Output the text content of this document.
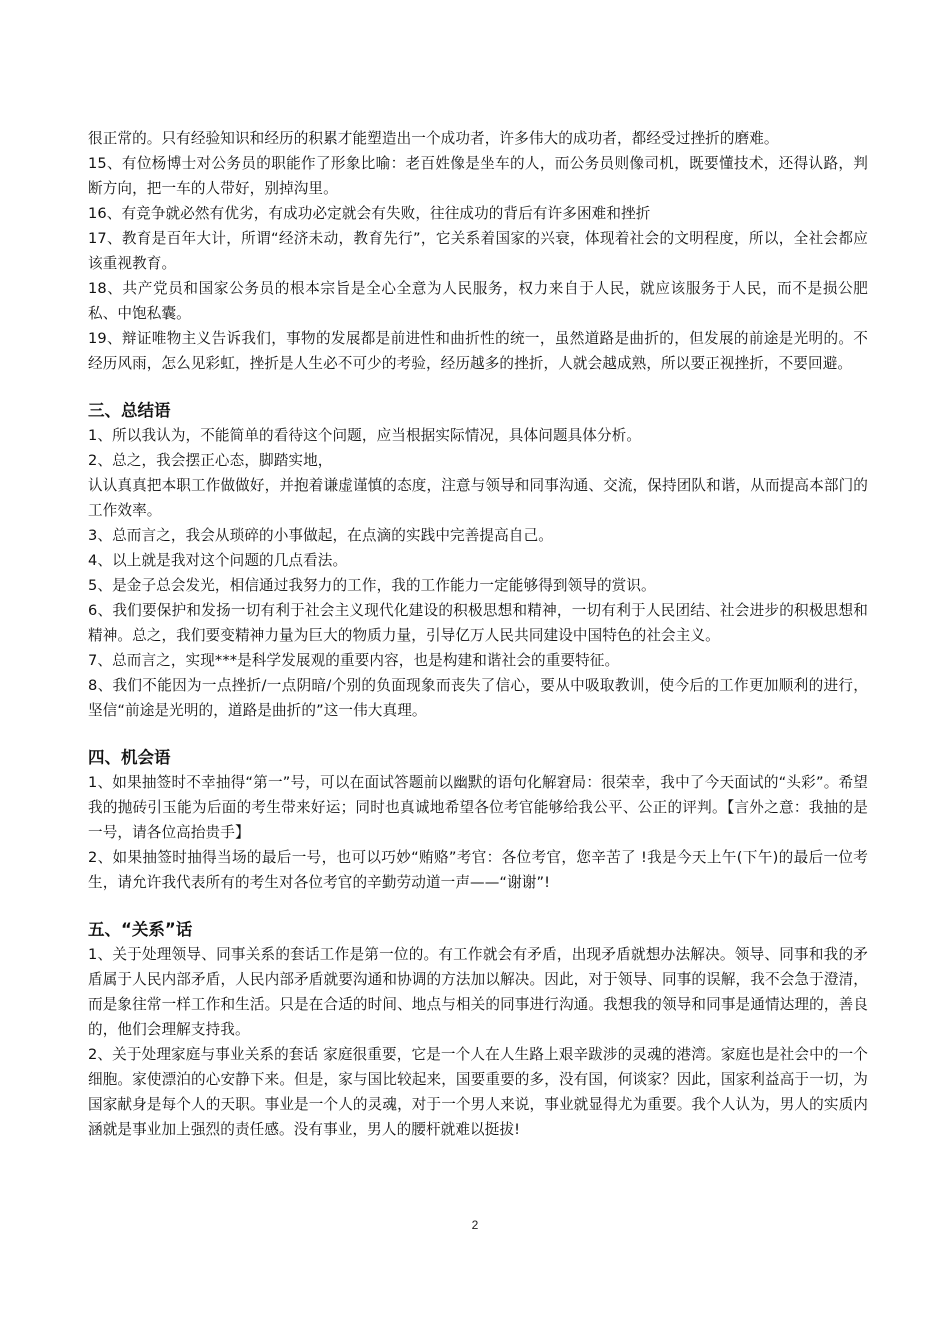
很正常的。只有经验知识和经历的积累才能塑造出一个成功者，许多伟大的成功者，都经受过挫折的磨难。

15、有位杨博士对公务员的职能作了形象比喻：老百姓像是坐车的人，而公务员则像司机，既要懂技术，还得认路，判断方向，把一车的人带好，别掉沟里。

16、有竞争就必然有优劣，有成功必定就会有失败，往往成功的背后有许多困难和挫折

17、教育是百年大计，所谓“经济未动，教育先行”，它关系着国家的兴衰，体现着社会的文明程度，所以，全社会都应该重视教育。

18、共产党员和国家公务员的根本宗旨是全心全意为人民服务，权力来自于人民，就应该服务于人民，而不是损公肥私、中饱私囊。

19、辩证唯物主义告诉我们，事物的发展都是前进性和曲折性的统一，虽然道路是曲折的，但发展的前途是光明的。不经历风雨，怎么见彩虹，挫折是人生必不可少的考验，经历越多的挫折，人就会越成熟，所以要正视挫折，不要回避。

三、总结语

1、所以我认为，不能简单的看待这个问题，应当根据实际情况，具体问题具体分析。

2、总之，我会摆正心态，脚踏实地，

认认真真把本职工作做做好，并抱着谦虚谨慎的态度，注意与领导和同事沟通、交流，保持团队和谐，从而提高本部门的工作效率。

3、总而言之，我会从琐碎的小事做起，在点滴的实践中完善提高自己。

4、以上就是我对这个问题的几点看法。

5、是金子总会发光，相信通过我努力的工作，我的工作能力一定能够得到领导的赏识。

6、我们要保护和发扬一切有利于社会主义现代化建设的积极思想和精神，一切有利于人民团结、社会进步的积极思想和精神。总之，我们要变精神力量为巨大的物质力量，引导亿万人民共同建设中国特色的社会主义。

7、总而言之，实现***是科学发展观的重要内容，也是构建和谐社会的重要特征。

8、我们不能因为一点挫折/一点阴暗/个别的负面现象而丧失了信心，要从中吸取教训，使今后的工作更加顺利的进行，坚信“前途是光明的，道路是曲折的”这一伟大真理。

四、机会语

1、如果抽签时不幸抽得“第一”号，可以在面试答题前以幽默的语句化解窘局：很荣幸，我中了今天面试的“头彩”。希望我的抛砖引玉能为后面的考生带来好运；同时也真诚地希望各位考官能够给我公平、公正的评判。【言外之意：我抽的是一号，请各位高抬贵手】

2、如果抽签时抽得当场的最后一号，也可以巧妙“贿赂”考官：各位考官，您辛苦了 !我是今天上午(下午)的最后一位考生，请允许我代表所有的考生对各位考官的辛勤劳动道一声——“谢谢”!

五、“关系”话

1、关于处理领导、同事关系的套话工作是第一位的。有工作就会有矛盾，出现矛盾就想办法解决。领导、同事和我的矛盾属于人民内部矛盾，人民内部矛盾就要沟通和协调的方法加以解决。因此，对于领导、同事的误解，我不会急于澄清，而是象往常一样工作和生活。只是在合适的时间、地点与相关的同事进行沟通。我想我的领导和同事是通情达理的，善良的，他们会理解支持我。

2、关于处理家庭与事业关系的套话 家庭很重要，它是一个人在人生路上艰辛跋涉的灵魂的港湾。家庭也是社会中的一个细胞。家使漂泊的心安静下来。但是，家与国比较起来，国要重要的多，没有国，何谈家？因此，国家利益高于一切，为国家献身是每个人的天职。事业是一个人的灵魂，对于一个男人来说，事业就显得尤为重要。我个人认为，男人的实质内涵就是事业加上强烈的责任感。没有事业，男人的腰杆就难以挺拔!

2
